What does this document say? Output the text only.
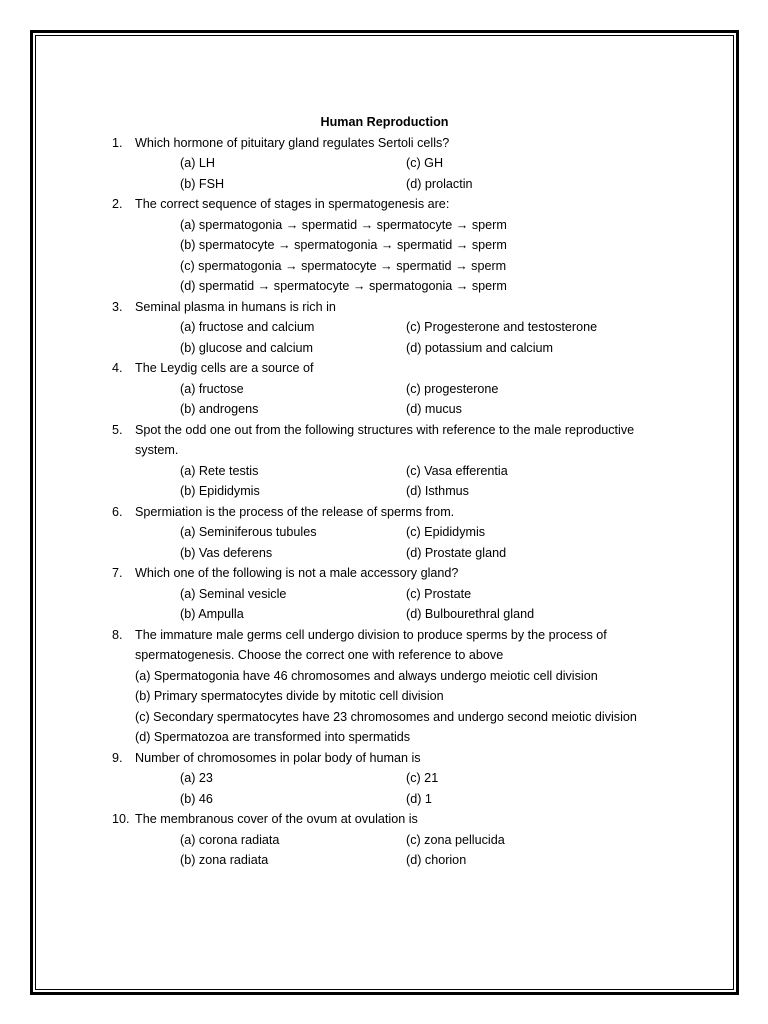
Human Reproduction
1. Which hormone of pituitary gland regulates Sertoli cells?
(a) LH	(c) GH
(b) FSH	(d) prolactin
2. The correct sequence of stages in spermatogenesis are:
(a) spermatogonia → spermatid → spermatocyte → sperm
(b) spermatocyte → spermatogonia → spermatid → sperm
(c) spermatogonia → spermatocyte → spermatid → sperm
(d) spermatid → spermatocyte → spermatogonia → sperm
3. Seminal plasma in humans is rich in
(a) fructose and calcium	(c) Progesterone and testosterone
(b) glucose and calcium	(d) potassium and calcium
4. The Leydig cells are a source of
(a) fructose	(c) progesterone
(b) androgens	(d) mucus
5. Spot the odd one out from the following structures with reference to the male reproductive system.
(a) Rete testis	(c) Vasa efferentia
(b) Epididymis	(d) Isthmus
6. Spermiation is the process of the release of sperms from.
(a) Seminiferous tubules	(c) Epididymis
(b) Vas deferens	(d) Prostate gland
7. Which one of the following is not a male accessory gland?
(a) Seminal vesicle	(c) Prostate
(b) Ampulla	(d) Bulbourethral gland
8. The immature male germs cell undergo division to produce sperms by the process of spermatogenesis. Choose the correct one with reference to above
(a) Spermatogonia have 46 chromosomes and always undergo meiotic cell division
(b) Primary spermatocytes divide by mitotic cell division
(c) Secondary spermatocytes have 23 chromosomes and undergo second meiotic division
(d) Spermatozoa are transformed into spermatids
9. Number of chromosomes in polar body of human is
(a) 23	(c) 21
(b) 46	(d) 1
10. The membranous cover of the ovum at ovulation is
(a) corona radiata	(c) zona pellucida
(b) zona radiata	(d) chorion
